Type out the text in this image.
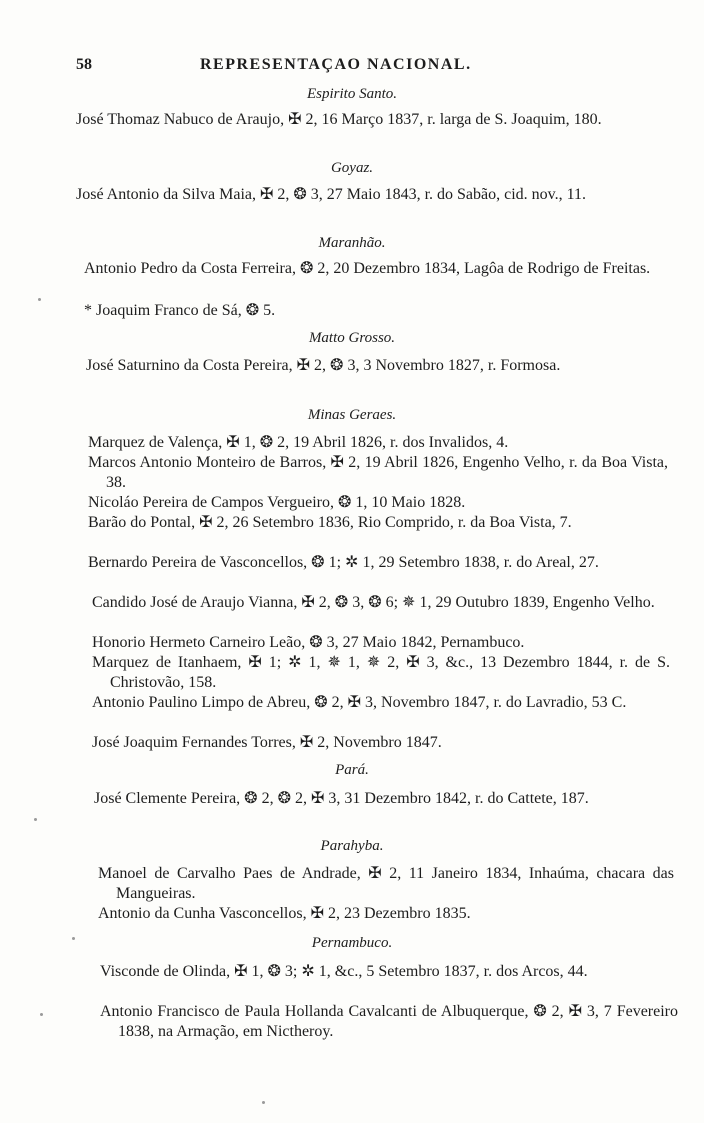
58	REPRESENTAÇAO NACIONAL.
Espirito Santo.
José Thomaz Nabuco de Araujo, ✠ 2, 16 Março 1837, r. larga de S. Joaquim, 180.
Goyaz.
José Antonio da Silva Maia, ✠ 2, ❂ 3, 27 Maio 1843, r. do Sabão, cid. nov., 11.
Maranhão.
Antonio Pedro da Costa Ferreira, ❂ 2, 20 Dezembro 1834, Lagôa de Rodrigo de Freitas.
* Joaquim Franco de Sá, ❂ 5.
Matto Grosso.
José Saturnino da Costa Pereira, ✠ 2, ❂ 3, 3 Novembro 1827, r. Formosa.
Minas Geraes.
Marquez de Valença, ✠ 1, ❂ 2, 19 Abril 1826, r. dos Invalidos, 4.
Marcos Antonio Monteiro de Barros, ✠ 2, 19 Abril 1826, Engenho Velho, r. da Boa Vista, 38.
Nicoláo Pereira de Campos Vergueiro, ❂ 1, 10 Maio 1828.
Barão do Pontal, ✠ 2, 26 Setembro 1836, Rio Comprido, r. da Boa Vista, 7.
Bernardo Pereira de Vasconcellos, ❂ 1; ✲ 1, 29 Setembro 1838, r. do Areal, 27.
Candido José de Araujo Vianna, ✠ 2, ❂ 3, ❂ 6; ✵ 1, 29 Outubro 1839, Engenho Velho.
Honorio Hermeto Carneiro Leão, ❂ 3, 27 Maio 1842, Pernambuco.
Marquez de Itanhaem, ✠ 1; ✲ 1, ✵ 1, ✵ 2, ✠ 3, &c., 13 Dezembro 1844, r. de S. Christovão, 158.
Antonio Paulino Limpo de Abreu, ❂ 2, ✠ 3, Novembro 1847, r. do Lavradio, 53 C.
José Joaquim Fernandes Torres, ✠ 2, Novembro 1847.
Pará.
José Clemente Pereira, ❂ 2, ❂ 2, ✠ 3, 31 Dezembro 1842, r. do Cattete, 187.
Parahyba.
Manoel de Carvalho Paes de Andrade, ✠ 2, 11 Janeiro 1834, Inhaúma, chacara das Mangueiras.
Antonio da Cunha Vasconcellos, ✠ 2, 23 Dezembro 1835.
Pernambuco.
Visconde de Olinda, ✠ 1, ❂ 3; ✲ 1, &c., 5 Setembro 1837, r. dos Arcos, 44.
Antonio Francisco de Paula Hollanda Cavalcanti de Albuquerque, ❂ 2, ✠ 3, 7 Fevereiro 1838, na Armação, em Nictheroy.
